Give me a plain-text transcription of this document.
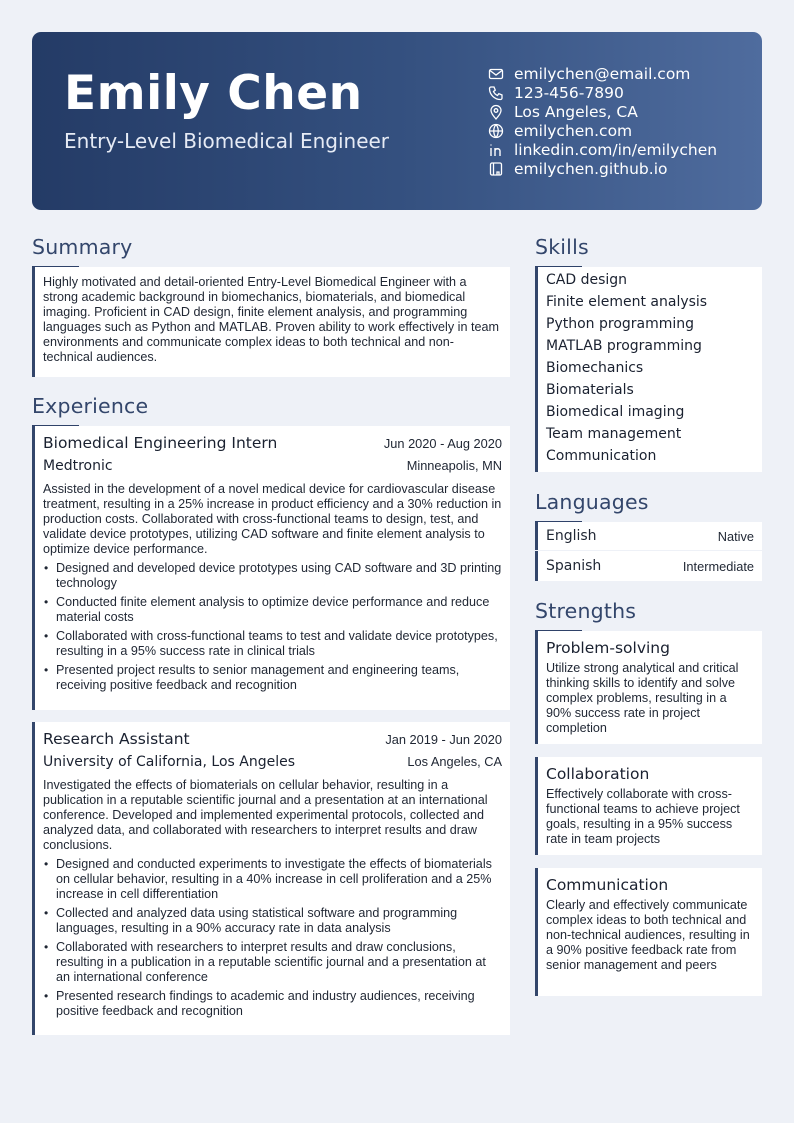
Emily Chen
Entry-Level Biomedical Engineer
emilychen@email.com
123-456-7890
Los Angeles, CA
emilychen.com
linkedin.com/in/emilychen
emilychen.github.io
Summary
Highly motivated and detail-oriented Entry-Level Biomedical Engineer with a strong academic background in biomechanics, biomaterials, and biomedical imaging. Proficient in CAD design, finite element analysis, and programming languages such as Python and MATLAB. Proven ability to work effectively in team environments and communicate complex ideas to both technical and non-technical audiences.
Experience
Biomedical Engineering Intern	Jun 2020 - Aug 2020
Medtronic	Minneapolis, MN
Assisted in the development of a novel medical device for cardiovascular disease treatment, resulting in a 25% increase in product efficiency and a 30% reduction in production costs. Collaborated with cross-functional teams to design, test, and validate device prototypes, utilizing CAD software and finite element analysis to optimize device performance.
• Designed and developed device prototypes using CAD software and 3D printing technology
• Conducted finite element analysis to optimize device performance and reduce material costs
• Collaborated with cross-functional teams to test and validate device prototypes, resulting in a 95% success rate in clinical trials
• Presented project results to senior management and engineering teams, receiving positive feedback and recognition
Research Assistant	Jan 2019 - Jun 2020
University of California, Los Angeles	Los Angeles, CA
Investigated the effects of biomaterials on cellular behavior, resulting in a publication in a reputable scientific journal and a presentation at an international conference. Developed and implemented experimental protocols, collected and analyzed data, and collaborated with researchers to interpret results and draw conclusions.
• Designed and conducted experiments to investigate the effects of biomaterials on cellular behavior, resulting in a 40% increase in cell proliferation and a 25% increase in cell differentiation
• Collected and analyzed data using statistical software and programming languages, resulting in a 90% accuracy rate in data analysis
• Collaborated with researchers to interpret results and draw conclusions, resulting in a publication in a reputable scientific journal and a presentation at an international conference
• Presented research findings to academic and industry audiences, receiving positive feedback and recognition
Skills
CAD design
Finite element analysis
Python programming
MATLAB programming
Biomechanics
Biomaterials
Biomedical imaging
Team management
Communication
Languages
English	Native
Spanish	Intermediate
Strengths
Problem-solving
Utilize strong analytical and critical thinking skills to identify and solve complex problems, resulting in a 90% success rate in project completion
Collaboration
Effectively collaborate with cross-functional teams to achieve project goals, resulting in a 95% success rate in team projects
Communication
Clearly and effectively communicate complex ideas to both technical and non-technical audiences, resulting in a 90% positive feedback rate from senior management and peers
